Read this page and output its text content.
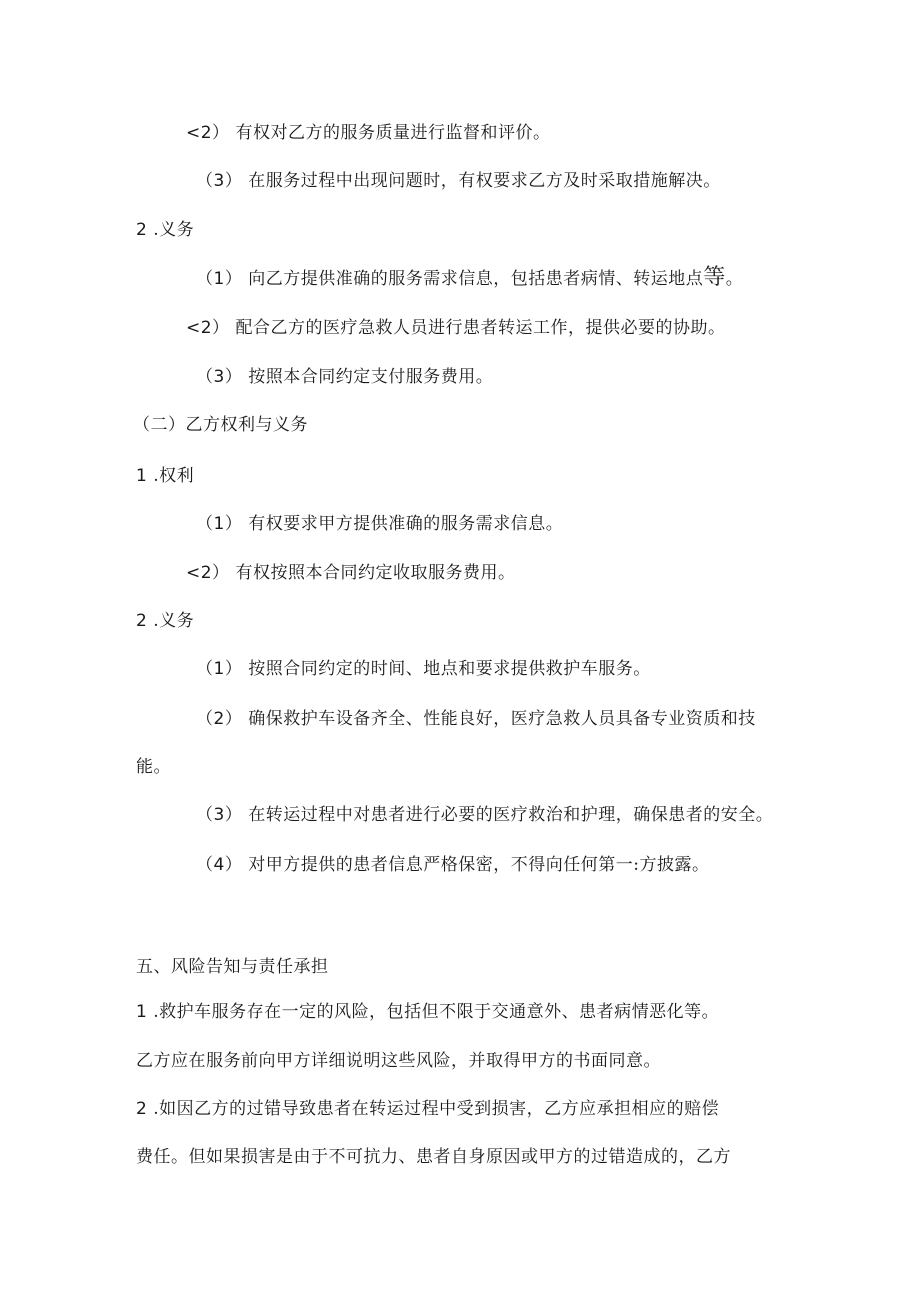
<2） 有权对乙方的服务质量进行监督和评价。
（3） 在服务过程中出现问题时，有权要求乙方及时采取措施解决。
2 .义务
（1） 向乙方提供准确的服务需求信息，包括患者病情、转运地点等。
<2） 配合乙方的医疗急救人员进行患者转运工作，提供必要的协助。
（3） 按照本合同约定支付服务费用。
（二）乙方权利与义务
1 .权利
（1） 有权要求甲方提供准确的服务需求信息。
<2） 有权按照本合同约定收取服务费用。
2 .义务
（1） 按照合同约定的时间、地点和要求提供救护车服务。
（2） 确保救护车设备齐全、性能良好，医疗急救人员具备专业资质和技
能。
（3） 在转运过程中对患者进行必要的医疗救治和护理，确保患者的安全。
（4） 对甲方提供的患者信息严格保密，不得向任何第一:方披露。
五、风险告知与责任承担
1 .救护车服务存在一定的风险，包括但不限于交通意外、患者病情恶化等。
乙方应在服务前向甲方详细说明这些风险，并取得甲方的书面同意。
2 .如因乙方的过错导致患者在转运过程中受到损害，乙方应承担相应的赔偿
费任。但如果损害是由于不可抗力、患者自身原因或甲方的过错造成的，乙方
